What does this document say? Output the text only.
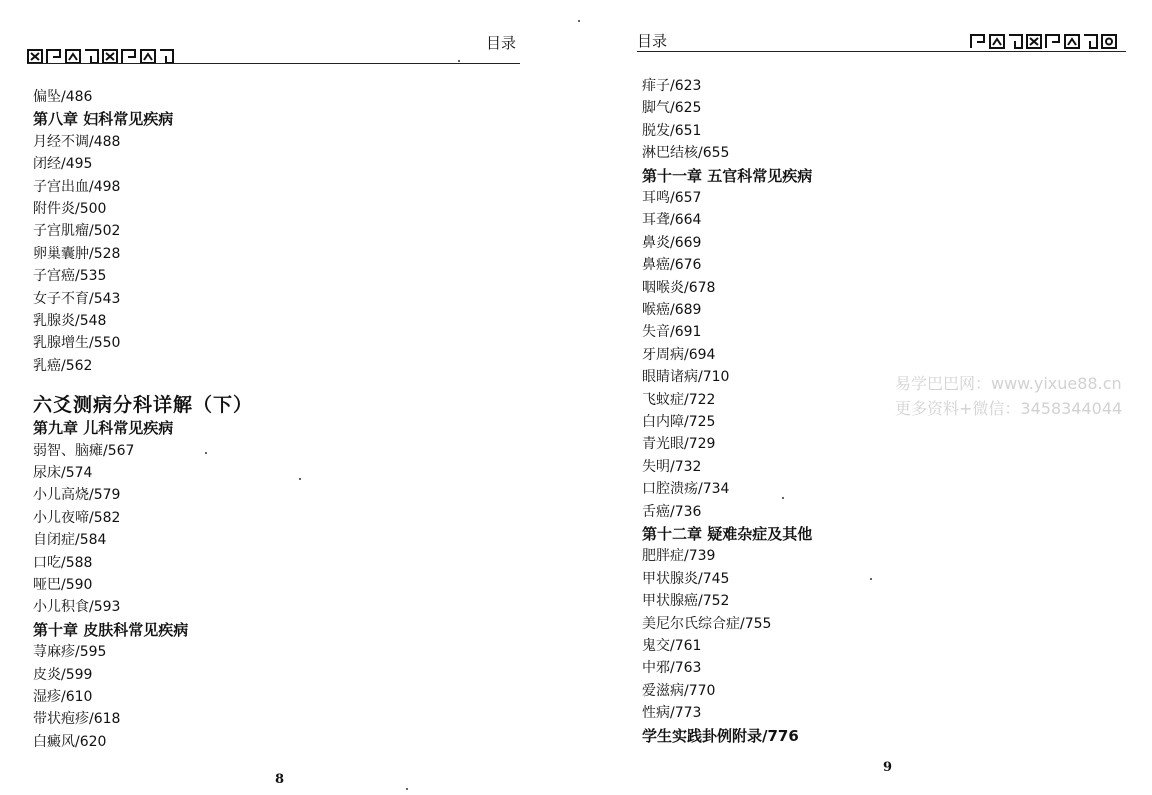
目录
偏坠/486
第八章 妇科常见疾病
月经不调/488
闭经/495
子宫出血/498
附件炎/500
子宫肌瘤/502
卵巢囊肿/528
子宫癌/535
女子不育/543
乳腺炎/548
乳腺增生/550
乳癌/562
六爻测病分科详解（下）
第九章 儿科常见疾病
弱智、脑瘫/567
尿床/574
小儿高烧/579
小儿夜啼/582
自闭症/584
口吃/588
哑巴/590
小儿积食/593
第十章 皮肤科常见疾病
荨麻疹/595
皮炎/599
湿疹/610
带状疱疹/618
白癜风/620
8
目录
痱子/623
脚气/625
脱发/651
淋巴结核/655
第十一章 五官科常见疾病
耳鸣/657
耳聋/664
鼻炎/669
鼻癌/676
咽喉炎/678
喉癌/689
失音/691
牙周病/694
眼睛诸病/710
飞蚊症/722
白内障/725
青光眼/729
失明/732
口腔溃疡/734
舌癌/736
第十二章 疑难杂症及其他
肥胖症/739
甲状腺炎/745
甲状腺癌/752
美尼尔氏综合症/755
鬼交/761
中邪/763
爱滋病/770
性病/773
学生实践卦例附录/776
9
易学巴巴网：www.yixue88.cn
更多资料+微信：3458344044
